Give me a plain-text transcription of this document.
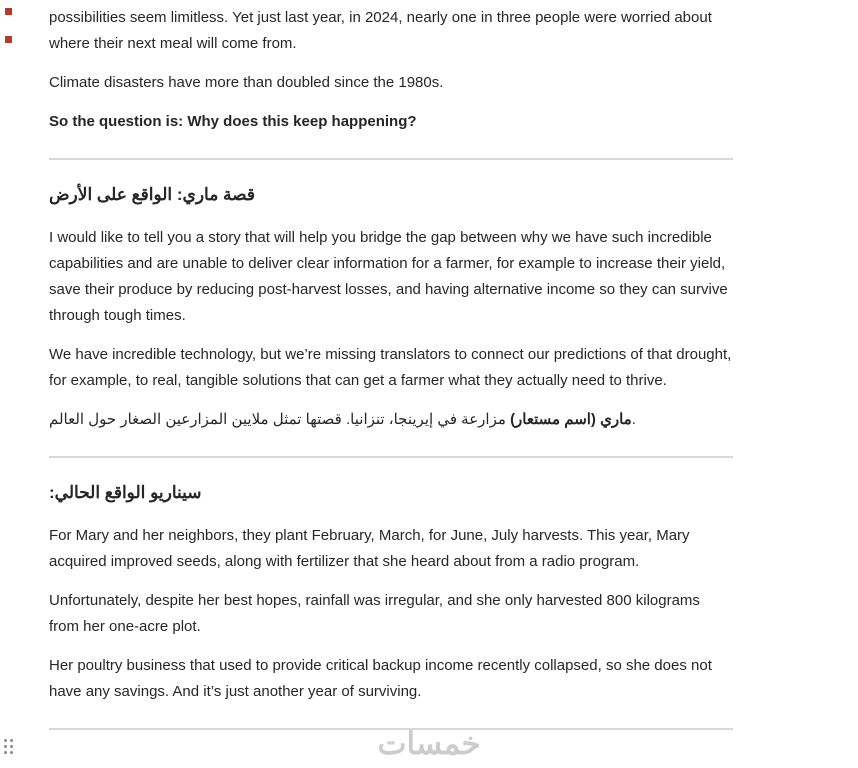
possibilities seem limitless. Yet just last year, in 2024, nearly one in three people were worried about where their next meal will come from.

Climate disasters have more than doubled since the 1980s.

So the question is: Why does this keep happening?

قصة ماري: الواقع على الأرض

I would like to tell you a story that will help you bridge the gap between why we have such incredible capabilities and are unable to deliver clear information for a farmer, for example to increase their yield, save their produce by reducing post-harvest losses, and having alternative income so they can survive through tough times.

We have incredible technology, but we’re missing translators to connect our predictions of that drought, for example, to real, tangible solutions that can get a farmer what they actually need to thrive.

ماري (اسم مستعار) مزارعة في إيرينجا، تنزانيا. قصتها تمثل ملايين المزارعين الصغار حول العالم.

سيناريو الواقع الحالي:

For Mary and her neighbors, they plant February, March, for June, July harvests. This year, Mary acquired improved seeds, along with fertilizer that she heard about from a radio program.

Unfortunately, despite her best hopes, rainfall was irregular, and she only harvested 800 kilograms from her one-acre plot.

Her poultry business that used to provide critical backup income recently collapsed, so she does not have any savings. And it’s just another year of surviving.

خمسات
